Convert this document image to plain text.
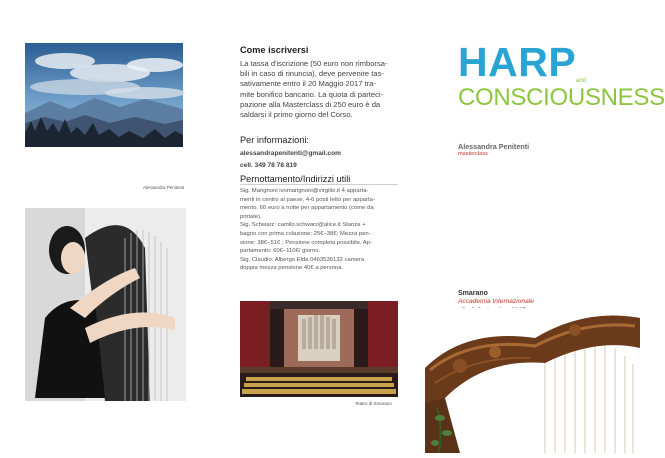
Alessandra Penitenti
Come iscriversi
La tassa d'iscrizione (50 euro non rimborsa-
bili in caso di rinuncia), deve pervenire tas-
sativamente entro il 20 Maggio 2017 tra-
mite bonifico bancario. La quota di parteci-
pazione alla Masterclass di 250 euro è da
saldarsi il primo giorno del Corso.
Per informazioni:
alessandrapenitenti@gmail.com
cell. 349 78 78 819
Pernottamento/Indirizzi utili
Sig. Marignoni ivomarignoni@virgilio.it 4 apparta-
menti in centro al paese, 4-6 posti letto per apparta-
mento. 60 euro a notte per appartamento (come da
portale).
Sig. Schwarz: camilo.schwarz@alice.it Stanza +
bagno con prima colazione: 25€–38€; Mezza pen-
sione: 38€–51€ ; Pensione completa possibile. Ap-
partamento: 60€–110€/ giorno.
Sig. Claudio: Albergo Elda 0463536132 camera
doppia mezza pensione 40€ a persona.
Teatro di Smarano
HARP and
CONSCIOUSNESS
Alessandra Penitenti
masterclass
Smarano
Accademia Internazionale
